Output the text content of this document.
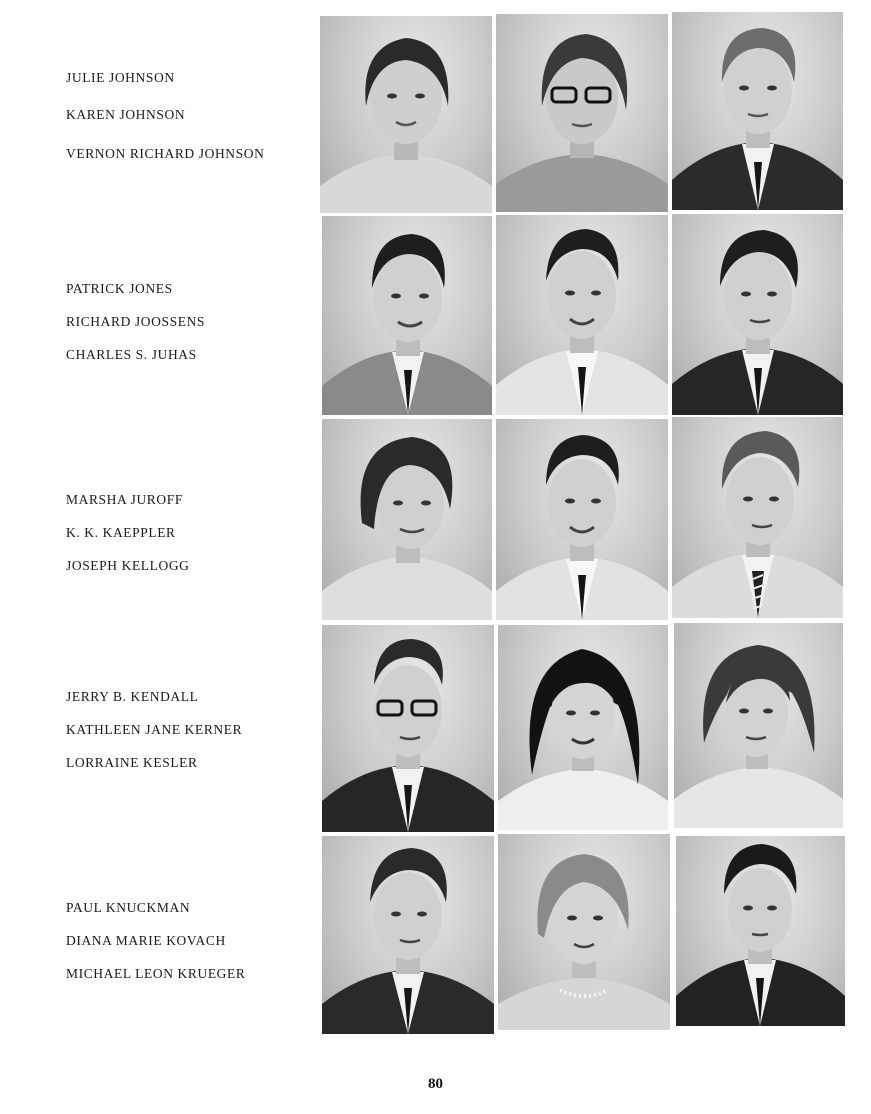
JULIE JOHNSON
KAREN JOHNSON
VERNON RICHARD JOHNSON
PATRICK JONES
RICHARD JOOSSENS
CHARLES S. JUHAS
MARSHA JUROFF
K. K. KAEPPLER
JOSEPH KELLOGG
JERRY B. KENDALL
KATHLEEN JANE KERNER
LORRAINE KESLER
PAUL KNUCKMAN
DIANA MARIE KOVACH
MICHAEL LEON KRUEGER
80
